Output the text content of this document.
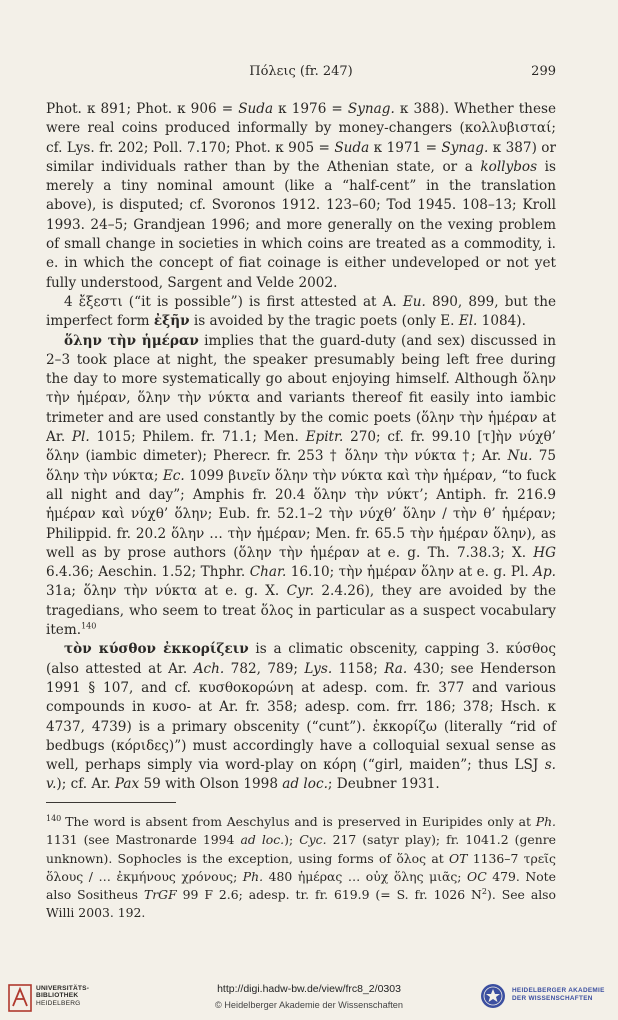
Πόλεις (fr. 247)	299

Phot. κ 891; Phot. κ 906 = Suda κ 1976 = Synag. κ 388). Whether these were real coins produced informally by money-changers (κολλυβισταί; cf. Lys. fr. 202; Poll. 7.170; Phot. κ 905 = Suda κ 1971 = Synag. κ 387) or similar individuals rather than by the Athenian state, or a kollybos is merely a tiny nominal amount (like a “half-cent” in the translation above), is disputed; cf. Svoronos 1912. 123–60; Tod 1945. 108–13; Kroll 1993. 24–5; Grandjean 1996; and more generally on the vexing problem of small change in societies in which coins are treated as a commodity, i. e. in which the concept of fiat coinage is either undeveloped or not yet fully understood, Sargent and Velde 2002.

4 ἔξεστι (“it is possible”) is first attested at A. Eu. 890, 899, but the imperfect form ἐξῆν is avoided by the tragic poets (only E. El. 1084).

ὅλην τὴν ἡμέραν implies that the guard-duty (and sex) discussed in 2–3 took place at night, the speaker presumably being left free during the day to more systematically go about enjoying himself. Although ὅλην τὴν ἡμέραν, ὅλην τὴν νύκτα and variants thereof fit easily into iambic trimeter and are used constantly by the comic poets (ὅλην τὴν ἡμέραν at Ar. Pl. 1015; Philem. fr. 71.1; Men. Epitr. 270; cf. fr. 99.10 [τ]ὴν νύχθ’ ὅλην (iambic dimeter); Pherecr. fr. 253 † ὅλην τὴν νύκτα †; Ar. Nu. 75 ὅλην τὴν νύκτα; Ec. 1099 βινεῖν ὅλην τὴν νύκτα καὶ τὴν ἡμέραν, “to fuck all night and day”; Amphis fr. 20.4 ὅλην τὴν νύκτ’; Antiph. fr. 216.9 ἡμέραν καὶ νύχθ’ ὅλην; Eub. fr. 52.1–2 τὴν νύχθ’ ὅλην / τὴν θ’ ἡμέραν; Philippid. fr. 20.2 ὅλην … τὴν ἡμέραν; Men. fr. 65.5 τὴν ἡμέραν ὅλην), as well as by prose authors (ὅλην τὴν ἡμέραν at e. g. Th. 7.38.3; X. HG 6.4.36; Aeschin. 1.52; Thphr. Char. 16.10; τὴν ἡμέραν ὅλην at e. g. Pl. Ap. 31a; ὅλην τὴν νύκτα at e. g. X. Cyr. 2.4.26), they are avoided by the tragedians, who seem to treat ὅλος in particular as a suspect vocabulary item.$^{140}$

τὸν κύσθον ἐκκορίζειν is a climatic obscenity, capping 3. κύσθος (also attested at Ar. Ach. 782, 789; Lys. 1158; Ra. 430; see Henderson 1991 § 107, and cf. κυσθοκορώνη at adesp. com. fr. 377 and various compounds in κυσο- at Ar. fr. 358; adesp. com. frr. 186; 378; Hsch. κ 4737, 4739) is a primary obscenity (“cunt”). ἐκκορίζω (literally “rid of bedbugs (κόριδες)”) must accordingly have a colloquial sexual sense as well, perhaps simply via word-play on κόρη (“girl, maiden”; thus LSJ s. v.); cf. Ar. Pax 59 with Olson 1998 ad loc.; Deubner 1931.

$^{140}$ The word is absent from Aeschylus and is preserved in Euripides only at Ph. 1131 (see Mastronarde 1994 ad loc.); Cyc. 217 (satyr play); fr. 1041.2 (genre unknown). Sophocles is the exception, using forms of ὅλος at OT 1136–7 τρεῖς ὅλους / … ἐκμήνους χρόνους; Ph. 480 ἡμέρας … οὐχ ὅλης μιᾶς; OC 479. Note also Sositheus TrGF 99 F 2.6; adesp. tr. fr. 619.9 (= S. fr. 1026 $N^2$). See also Willi 2003. 192.
UNIVERSITÄTS-
BIBLIOTHEK
HEIDELBERG
http://digi.hadw-bw.de/view/frc8_2/0303
© Heidelberger Akademie der Wissenschaften
HEIDELBERGER AKADEMIE
DER WISSENSCHAFTEN
